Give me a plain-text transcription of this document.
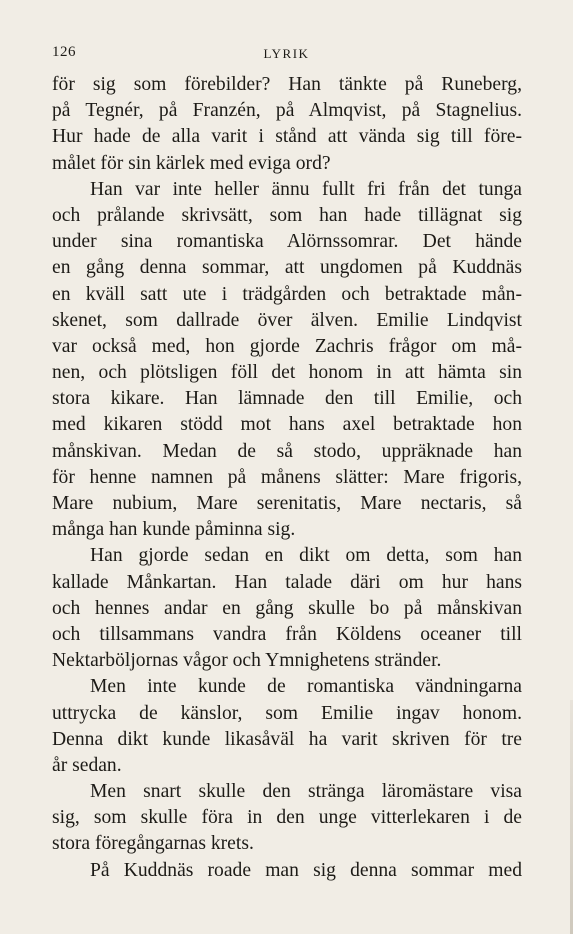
126	LYRIK
för sig som förebilder? Han tänkte på Runeberg,
på Tegnér, på Franzén, på Almqvist, på Stagnelius.
Hur hade de alla varit i stånd att vända sig till före-
målet för sin kärlek med eviga ord?
Han var inte heller ännu fullt fri från det tunga
och prålande skrivsätt, som han hade tillägnat sig
under sina romantiska Alörnssomrar. Det hände
en gång denna sommar, att ungdomen på Kuddnäs
en kväll satt ute i trädgården och betraktade mån-
skenet, som dallrade över älven. Emilie Lindqvist
var också med, hon gjorde Zachris frågor om må-
nen, och plötsligen föll det honom in att hämta sin
stora kikare. Han lämnade den till Emilie, och
med kikaren stödd mot hans axel betraktade hon
månskivan. Medan de så stodo, uppräknade han
för henne namnen på månens slätter: Mare frigoris,
Mare nubium, Mare serenitatis, Mare nectaris, så
många han kunde påminna sig.
Han gjorde sedan en dikt om detta, som han
kallade Månkartan. Han talade däri om hur hans
och hennes andar en gång skulle bo på månskivan
och tillsammans vandra från Köldens oceaner till
Nektarböljornas vågor och Ymnighetens stränder.
Men inte kunde de romantiska vändningarna
uttrycka de känslor, som Emilie ingav honom.
Denna dikt kunde likasåväl ha varit skriven för tre
år sedan.
Men snart skulle den stränga läromästare visa
sig, som skulle föra in den unge vitterlekaren i de
stora föregångarnas krets.
På Kuddnäs roade man sig denna sommar med
